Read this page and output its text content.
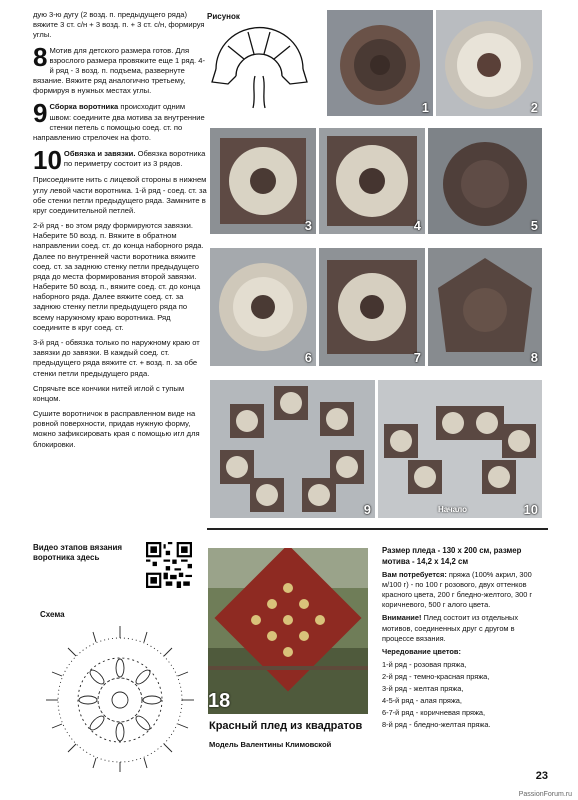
дую 3-ю дугу (2 возд. п. предыдущего ряда) вяжите 3 ст. с/н + 3 возд. п. + 3 ст. с/н, формируя углы.

8 Мотив для детского размера готов. Для взрослого размера провяжите еще 1 ряд. 4-й ряд - 3 возд. п. подъема, развернуте вязание. Вяжите ряд аналогично третьему, формируя в нужных местах углы.
9 Сборка воротника происходит одним швом: соедините два мотива за внутренние стенки петель с помощью соед. ст. по направлению стрелочек на фото.
10 Обвязка и завязки. Обвязка воротника по периметру состоит из 3 рядов.

Присоедините нить с лицевой стороны в нижнем углу левой части воротника. 1-й ряд - соед. ст. за обе стенки петли предыдущего ряда. Замкните в круг соединительной петлей.

2-й ряд - во этом ряду формируются завязки. Наберите 50 возд. п. Вяжите в обратном направлении соед. ст. до конца наборного ряда. Далее по внутренней части воротника вяжите соед. ст. за заднюю стенку петли предыдущего ряда до места формирования второй завязки. Наберите 50 возд. п., вяжите соед. ст. до конца наборного ряда. Далее вяжите соед. ст. за заднюю стенку петли предыдущего ряда по всему наружному краю воротника. Ряд соедините в круг соед. ст.

3-й ряд - обвязка только по наружному краю от завязки до завязки. В каждый соед. ст. предыдущего ряда вяжите ст. + возд. п. за обе стенки петли предыдущего ряда.

Спрячьте все кончики нитей иглой с тупым концом.

Сушите воротничок в расправленном виде на ровной поверхности, придав нужную форму, можно зафиксировать края с помощью игл для блокировки.

Рисунок
1	2
3	4	5
6	7	8
9	10
Начало
Видео этапов вязания воротника здесь
Схема
18
Красный плед из квадратов
Модель Валентины Климовской

Размер пледа - 130 х 200 см, размер мотива - 14,2 х 14,2 см

Вам потребуется: пряжа (100% акрил, 300 м/100 г) - по 100 г розового, двух оттенков красного цвета, 200 г бледно-желтого, 300 г коричневого, 500 г алого цвета.

Внимание! Плед состоит из отдельных мотивов, соединенных друг с другом в процессе вязания.

Чередование цветов:

1-й ряд - розовая пряжа,
2-й ряд - темно-красная пряжа,
3-й ряд - желтая пряжа,
4-5-й ряд - алая пряжа,
6-7-й ряд - коричневая пряжа,
8-й ряд - бледно-желтая пряжа.
23
PassionForum.ru
